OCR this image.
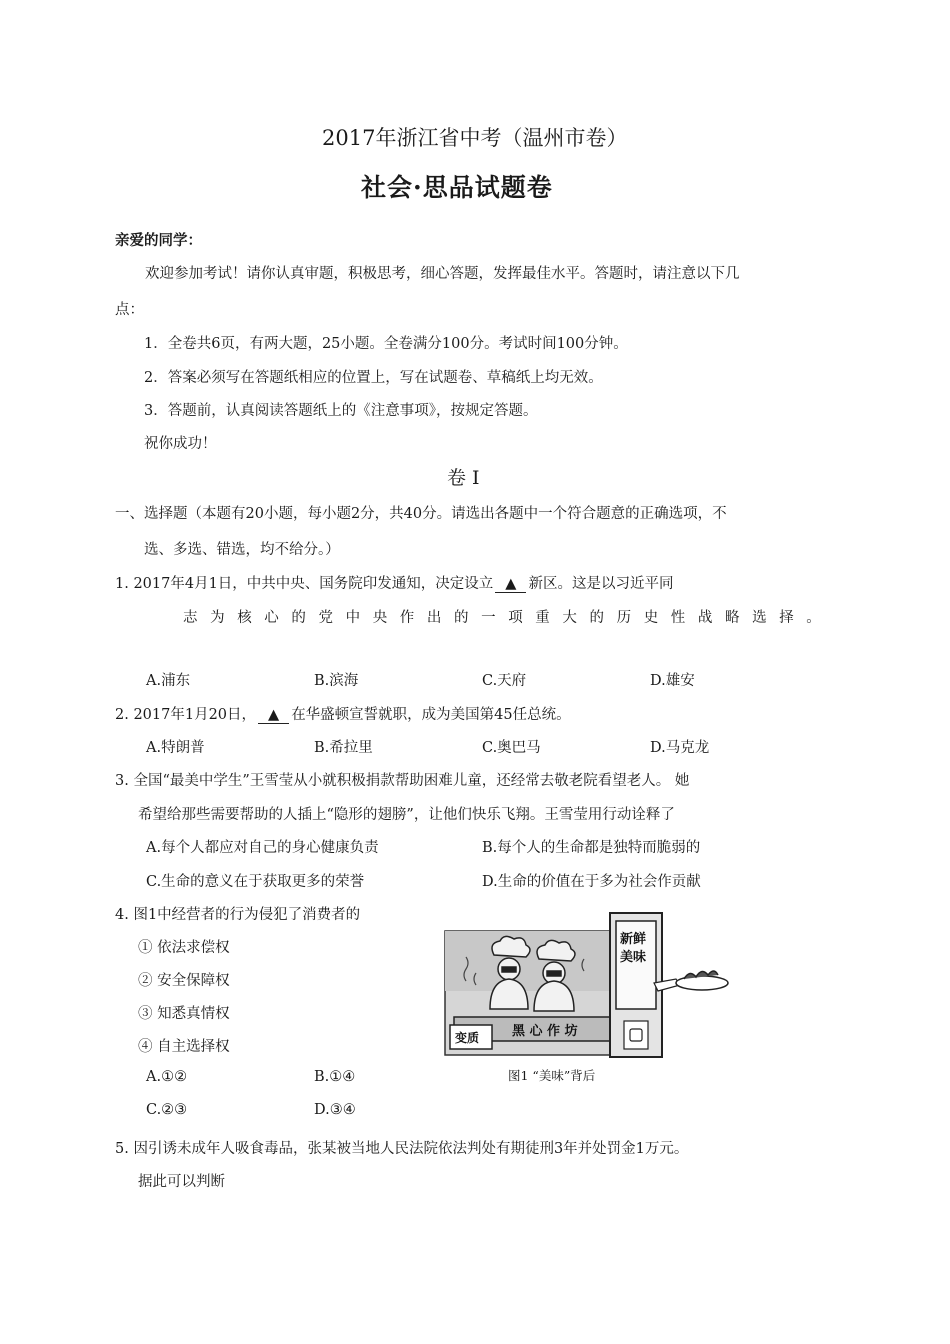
2017年浙江省中考（温州市卷）
社会·思品试题卷
亲爱的同学：
欢迎参加考试！请你认真审题，积极思考，细心答题，发挥最佳水平。答题时，请注意以下几
点：
1．全卷共6页，有两大题，25小题。全卷满分100分。考试时间100分钟。
2．答案必须写在答题纸相应的位置上，写在试题卷、草稿纸上均无效。
3．答题前，认真阅读答题纸上的《注意事项》，按规定答题。
祝你成功！
卷 Ⅰ
一、选择题（本题有20小题，每小题2分，共40分。请选出各题中一个符合题意的正确选项，不
选、多选、错选，均不给分。）
1. 2017年4月1日，中共中央、国务院印发通知，决定设立 ▲ 新区。这是以习近平同
志为核心的党中央作出的一项重大的历史性战略选择。
A.浦东	B.滨海	C.天府	D.雄安
2. 2017年1月20日， ▲ 在华盛顿宣誓就职，成为美国第45任总统。
A.特朗普	B.希拉里	C.奥巴马	D.马克龙
3. 全国“最美中学生”王雪莹从小就积极捐款帮助困难儿童，还经常去敬老院看望老人。 她
希望给那些需要帮助的人插上“隐形的翅膀”，让他们快乐飞翔。王雪莹用行动诠释了
A.每个人都应对自己的身心健康负责	B.每个人的生命都是独特而脆弱的
C.生命的意义在于获取更多的荣誉	D.生命的价值在于多为社会作贡献
4. 图1中经营者的行为侵犯了消费者的
① 依法求偿权
② 安全保障权
③ 知悉真情权
④ 自主选择权
A.①②	B.①④
C.②③	D.③④
黑 心 作 坊
变质
新鲜
美味
图1 “美味”背后
5. 因引诱未成年人吸食毒品，张某被当地人民法院依法判处有期徒刑3年并处罚金1万元。
据此可以判断
